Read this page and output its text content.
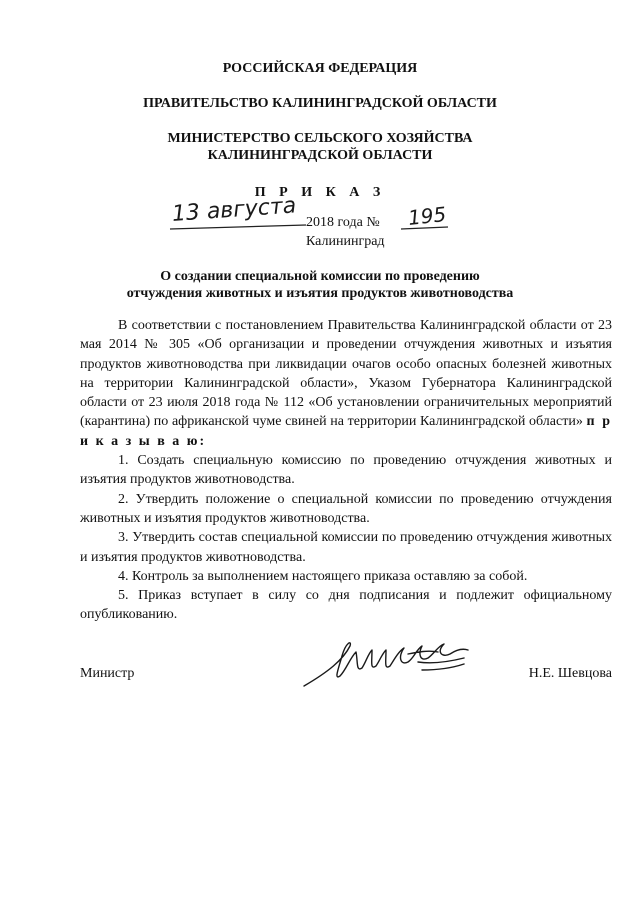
РОССИЙСКАЯ ФЕДЕРАЦИЯ
ПРАВИТЕЛЬСТВО КАЛИНИНГРАДСКОЙ ОБЛАСТИ
МИНИСТЕРСТВО СЕЛЬСКОГО ХОЗЯЙСТВА
КАЛИНИНГРАДСКОЙ ОБЛАСТИ
П Р И К А З
13 августа 2018 года № 195
Калининград
О создании специальной комиссии по проведению
отчуждения животных и изъятия продуктов животноводства

В соответствии с постановлением Правительства Калининградской области от 23 мая 2014 № 305 «Об организации и проведении отчуждения животных и изъятия продуктов животноводства при ликвидации очагов особо опасных болезней животных на территории Калининградской области», Указом Губернатора Калининградской области от 23 июля 2018 года № 112 «Об установлении ограничительных мероприятий (карантина) по африканской чуме свиней на территории Калининградской области» п р и к а з ы в а ю:

1. Создать специальную комиссию по проведению отчуждения животных и изъятия продуктов животноводства.

2. Утвердить положение о специальной комиссии по проведению отчуждения животных и изъятия продуктов животноводства.

3. Утвердить состав специальной комиссии по проведению отчуждения животных и изъятия продуктов животноводства.

4. Контроль за выполнением настоящего приказа оставляю за собой.

5. Приказ вступает в силу со дня подписания и подлежит официальному опубликованию.

Министр	Н.Е. Шевцова
